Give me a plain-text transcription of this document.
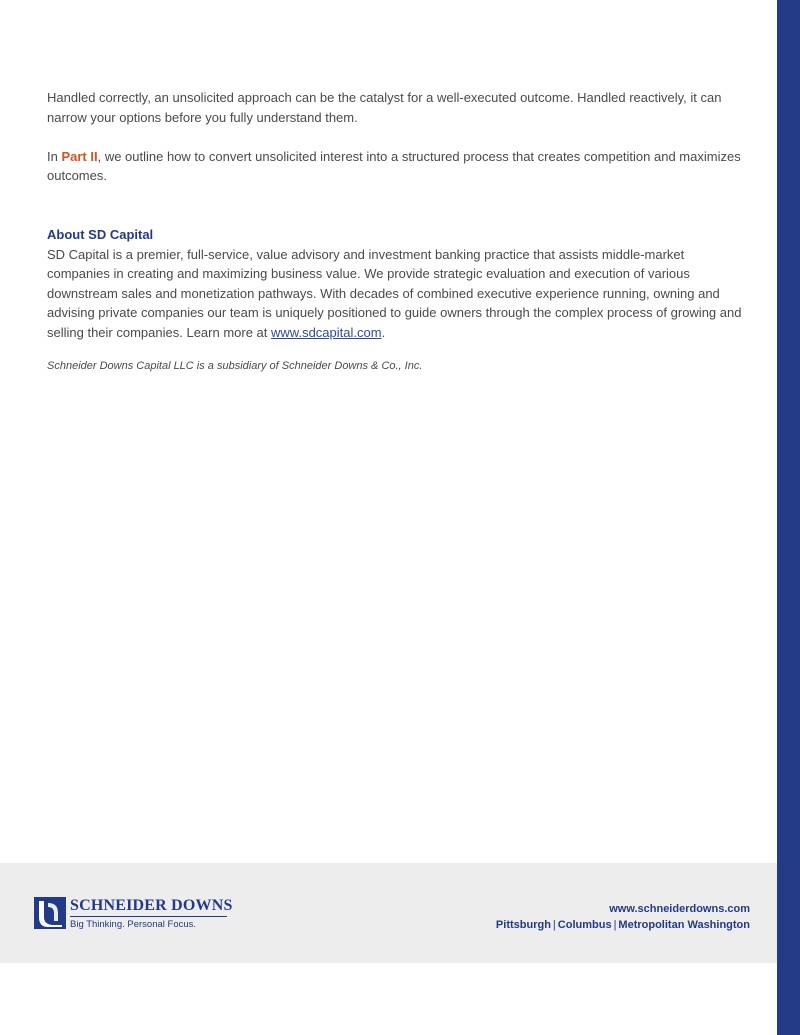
Handled correctly, an unsolicited approach can be the catalyst for a well-executed outcome. Handled reactively, it can narrow your options before you fully understand them.

In Part II, we outline how to convert unsolicited interest into a structured process that creates competition and maximizes outcomes.

About SD Capital

SD Capital is a premier, full-service, value advisory and investment banking practice that assists middle-market companies in creating and maximizing business value. We provide strategic evaluation and execution of various downstream sales and monetization pathways. With decades of combined executive experience running, owning and advising private companies our team is uniquely positioned to guide owners through the complex process of growing and selling their companies. Learn more at www.sdcapital.com.

Schneider Downs Capital LLC is a subsidiary of Schneider Downs & Co., Inc.

SCHNEIDER DOWNS
Big Thinking. Personal Focus.
www.schneiderdowns.com
Pittsburgh | Columbus | Metropolitan Washington
